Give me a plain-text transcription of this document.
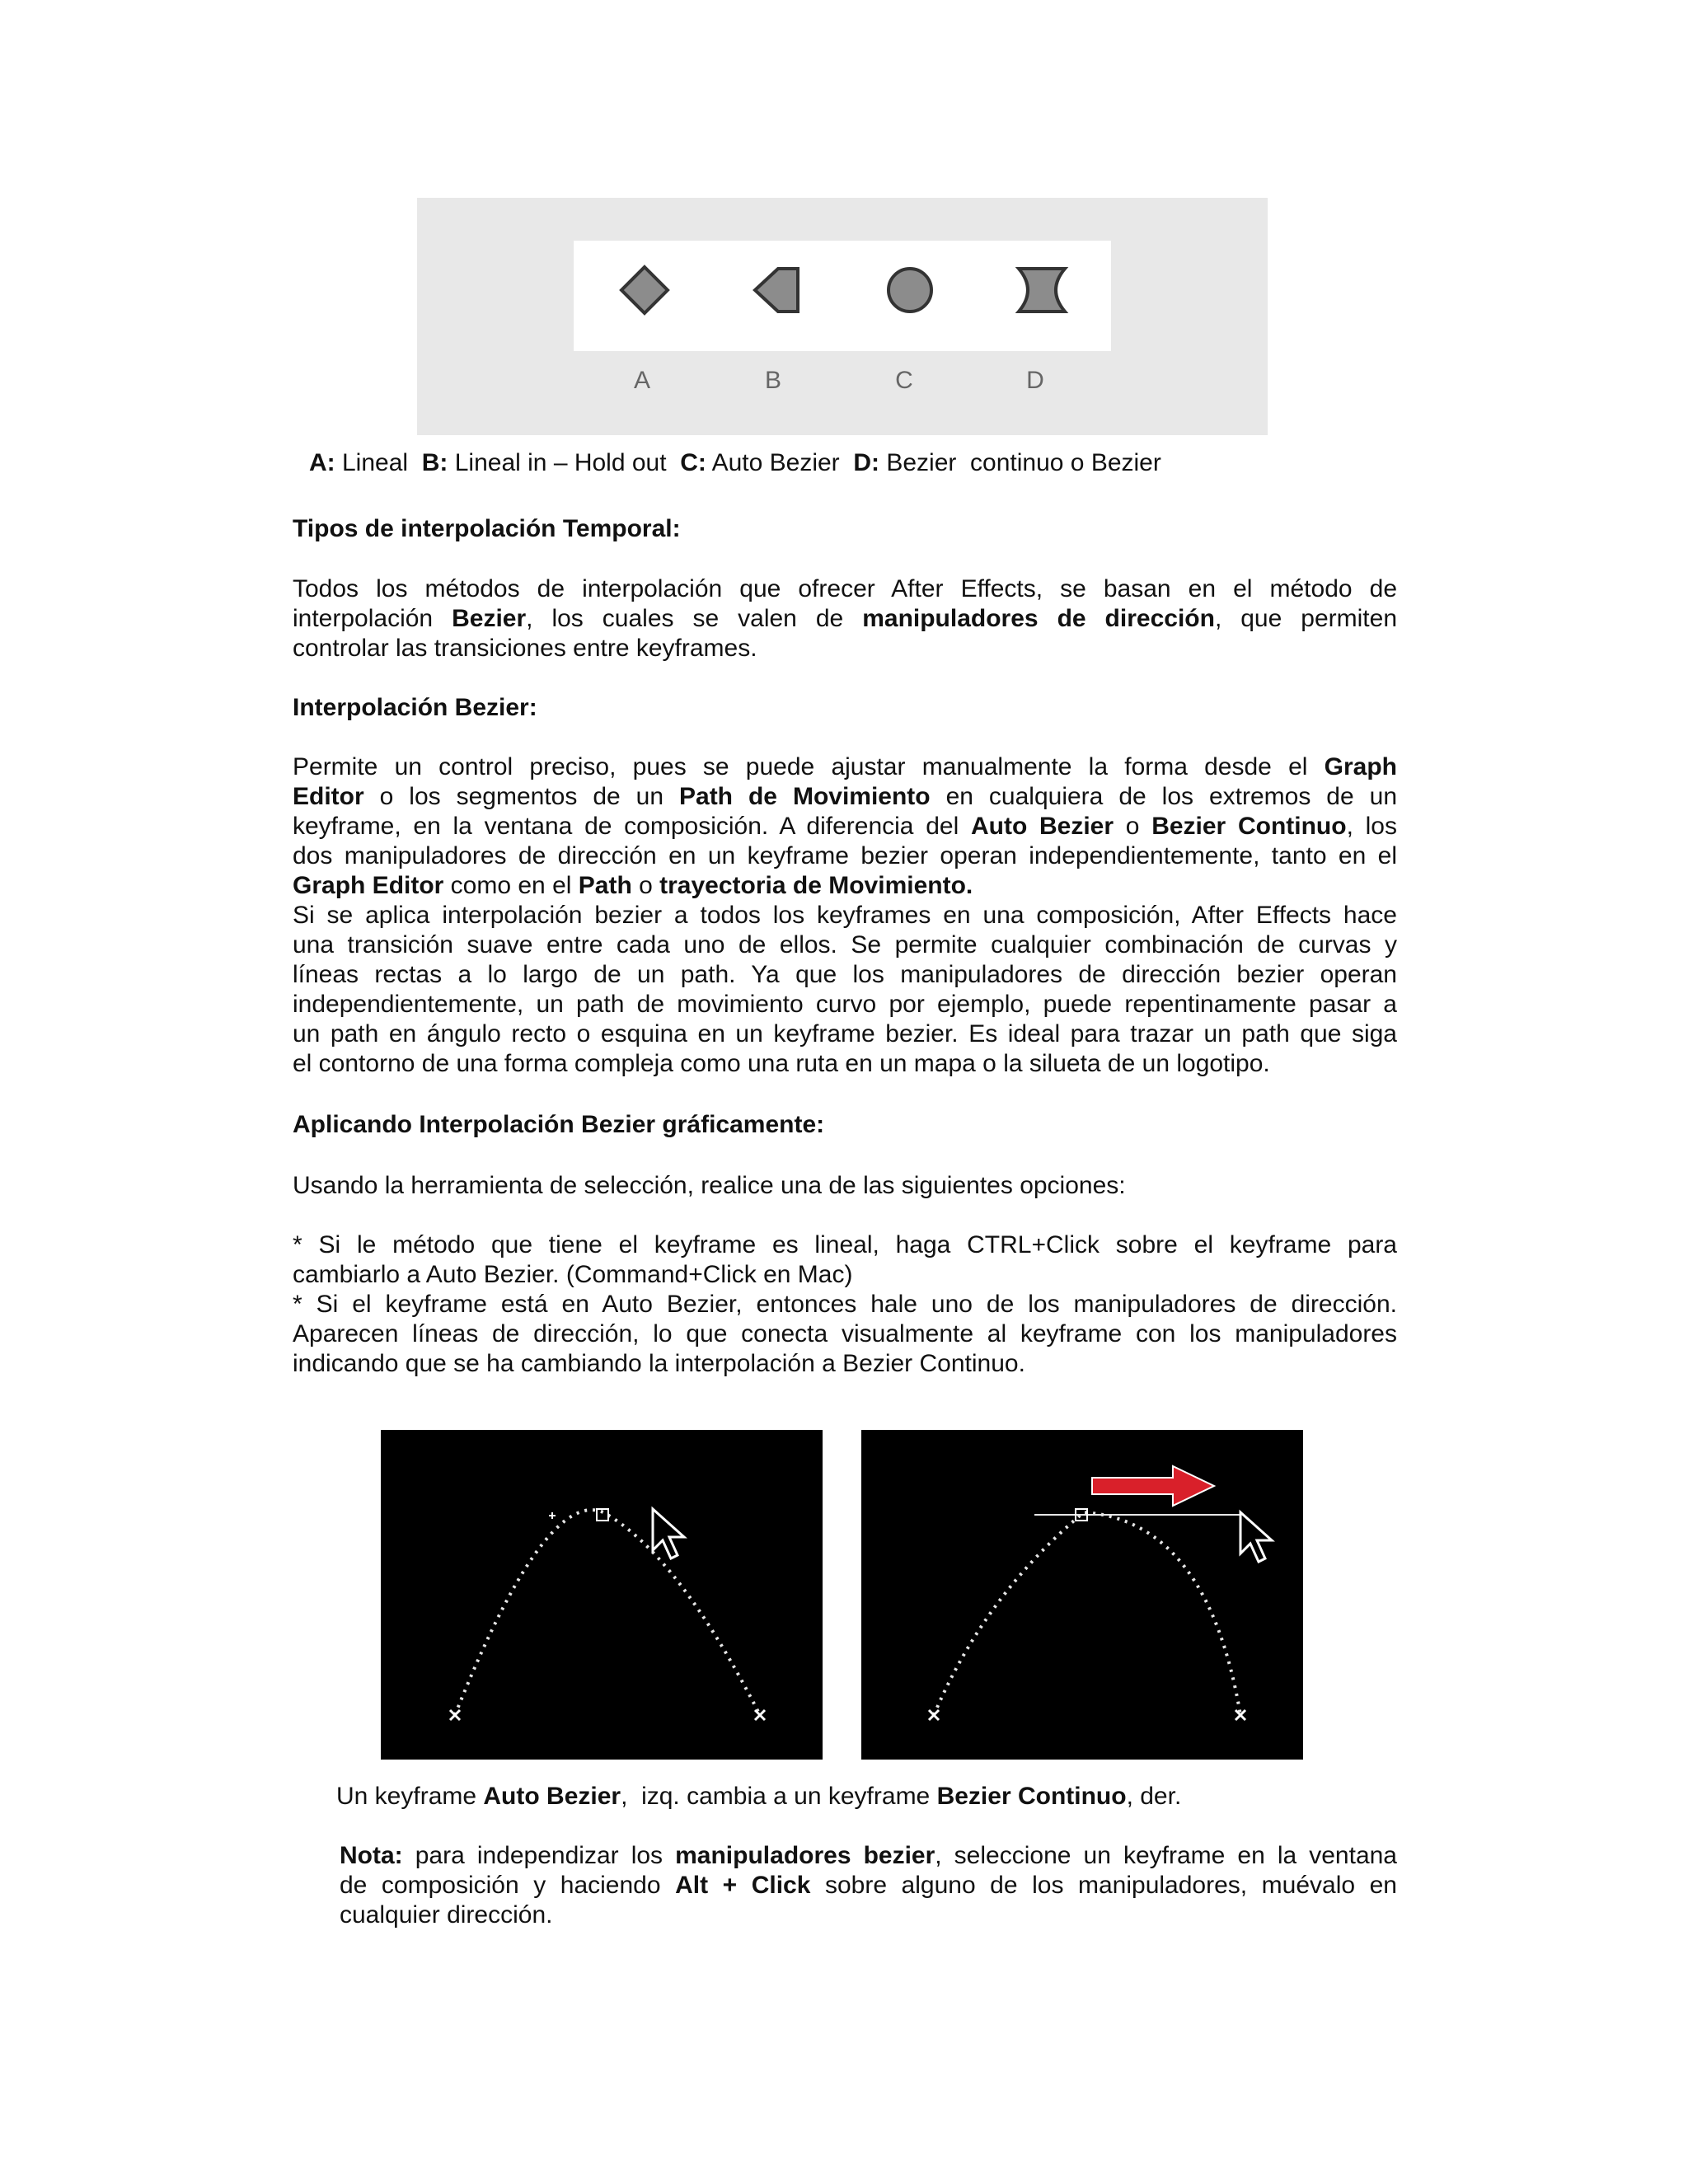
A	B	C	D
A: Lineal  B: Lineal in – Hold out  C: Auto Bezier  D: Bezier  continuo o Bezier
Tipos de interpolación Temporal:
Todos los métodos de interpolación que ofrecer After Effects, se basan en el método de
interpolación Bezier, los cuales se valen de manipuladores de dirección, que permiten
controlar las transiciones entre keyframes.
Interpolación Bezier:
Permite un control preciso, pues se puede ajustar manualmente la forma desde el Graph
Editor o los segmentos de un Path de Movimiento en cualquiera de los extremos de un
keyframe, en la ventana de composición. A diferencia del Auto Bezier o Bezier Continuo, los
dos manipuladores de dirección en un keyframe bezier operan independientemente, tanto en el
Graph Editor como en el Path o trayectoria de Movimiento.
Si se aplica interpolación bezier a todos los keyframes en una composición, After Effects hace
una transición suave entre cada uno de ellos. Se permite cualquier combinación de curvas y
líneas rectas a lo largo de un path. Ya que los manipuladores de dirección bezier operan
independientemente, un path de movimiento curvo por ejemplo, puede repentinamente pasar a
un path en ángulo recto o esquina en un keyframe bezier. Es ideal para trazar un path que siga
el contorno de una forma compleja como una ruta en un mapa o la silueta de un logotipo.
Aplicando Interpolación Bezier gráficamente:
Usando la herramienta de selección, realice una de las siguientes opciones:
* Si le método que tiene el keyframe es lineal, haga CTRL+Click sobre el keyframe para
cambiarlo a Auto Bezier. (Command+Click en Mac)
* Si el keyframe está en Auto Bezier, entonces hale uno de los manipuladores de dirección.
Aparecen líneas de dirección, lo que conecta visualmente al keyframe con los manipuladores
indicando que se ha cambiando la interpolación a Bezier Continuo.
Un keyframe Auto Bezier,  izq. cambia a un keyframe Bezier Continuo, der.
Nota: para independizar los manipuladores bezier, seleccione un keyframe en la ventana
de composición y haciendo Alt + Click sobre alguno de los manipuladores, muévalo en
cualquier dirección.
